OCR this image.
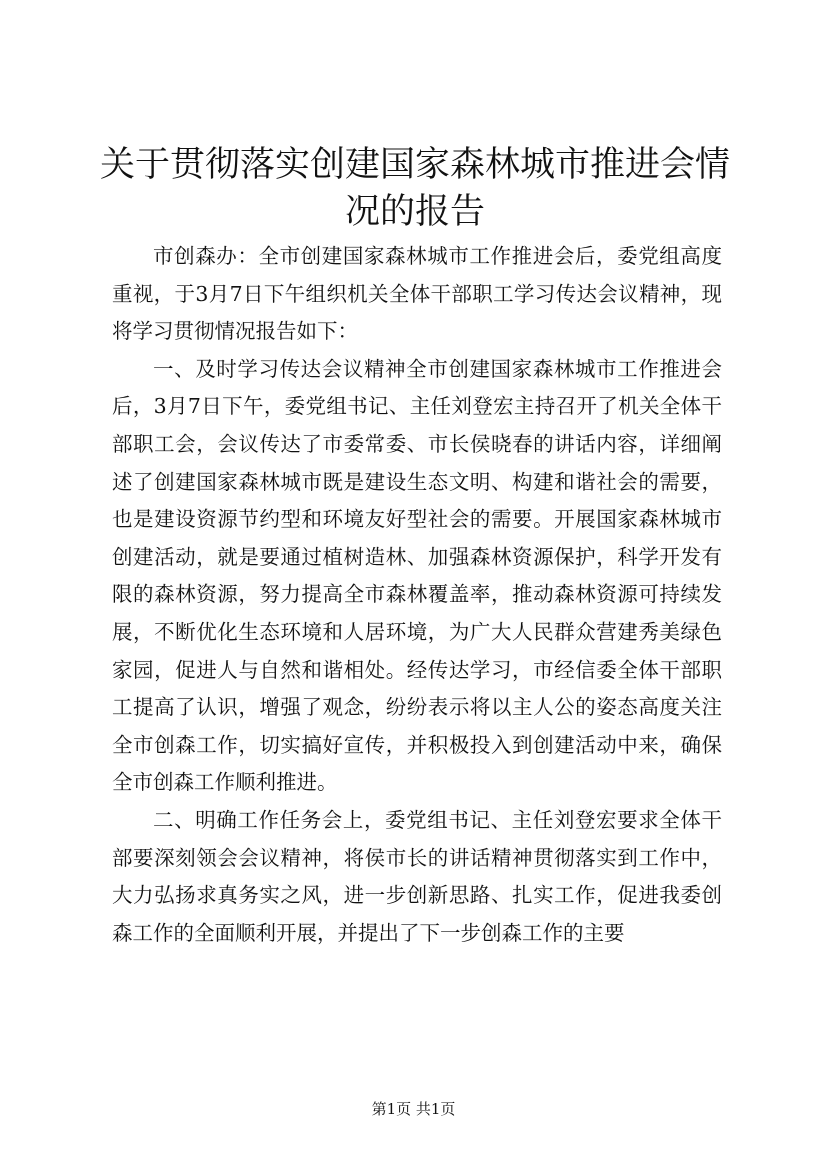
关于贯彻落实创建国家森林城市推进会情况的报告

市创森办：全市创建国家森林城市工作推进会后，委党组高度重视，于3月7日下午组织机关全体干部职工学习传达会议精神，现将学习贯彻情况报告如下：

一、及时学习传达会议精神全市创建国家森林城市工作推进会后，3月7日下午，委党组书记、主任刘登宏主持召开了机关全体干部职工会，会议传达了市委常委、市长侯晓春的讲话内容，详细阐述了创建国家森林城市既是建设生态文明、构建和谐社会的需要，也是建设资源节约型和环境友好型社会的需要。开展国家森林城市创建活动，就是要通过植树造林、加强森林资源保护，科学开发有限的森林资源，努力提高全市森林覆盖率，推动森林资源可持续发展，不断优化生态环境和人居环境，为广大人民群众营建秀美绿色家园，促进人与自然和谐相处。经传达学习，市经信委全体干部职工提高了认识，增强了观念，纷纷表示将以主人公的姿态高度关注全市创森工作，切实搞好宣传，并积极投入到创建活动中来，确保全市创森工作顺利推进。

二、明确工作任务会上，委党组书记、主任刘登宏要求全体干部要深刻领会会议精神，将侯市长的讲话精神贯彻落实到工作中，大力弘扬求真务实之风，进一步创新思路、扎实工作，促进我委创森工作的全面顺利开展，并提出了下一步创森工作的主要

第1页 共1页
